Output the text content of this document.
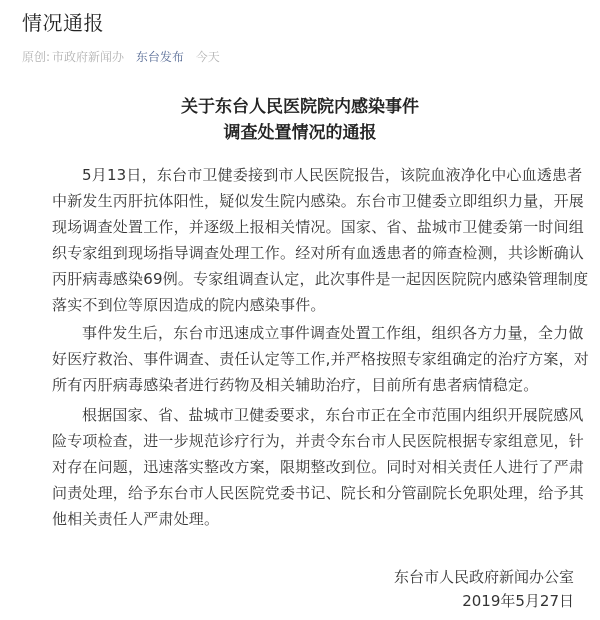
情况通报
原创: 市政府新闻办 东台发布 今天
关于东台人民医院院内感染事件
调查处置情况的通报
5月13日，东台市卫健委接到市人民医院报告，该院血液净化中心血透患者
中新发生丙肝抗体阳性，疑似发生院内感染。东台市卫健委立即组织力量，开展
现场调查处置工作，并逐级上报相关情况。国家、省、盐城市卫健委第一时间组
织专家组到现场指导调查处理工作。经对所有血透患者的筛查检测，共诊断确认
丙肝病毒感染69例。专家组调查认定，此次事件是一起因医院院内感染管理制度
落实不到位等原因造成的院内感染事件。
事件发生后，东台市迅速成立事件调查处置工作组，组织各方力量，全力做
好医疗救治、事件调查、责任认定等工作,并严格按照专家组确定的治疗方案，对
所有丙肝病毒感染者进行药物及相关辅助治疗，目前所有患者病情稳定。
根据国家、省、盐城市卫健委要求，东台市正在全市范围内组织开展院感风
险专项检查，进一步规范诊疗行为，并责令东台市人民医院根据专家组意见，针
对存在问题，迅速落实整改方案，限期整改到位。同时对相关责任人进行了严肃
问责处理，给予东台市人民医院党委书记、院长和分管副院长免职处理，给予其
他相关责任人严肃处理。
东台市人民政府新闻办公室
2019年5月27日
